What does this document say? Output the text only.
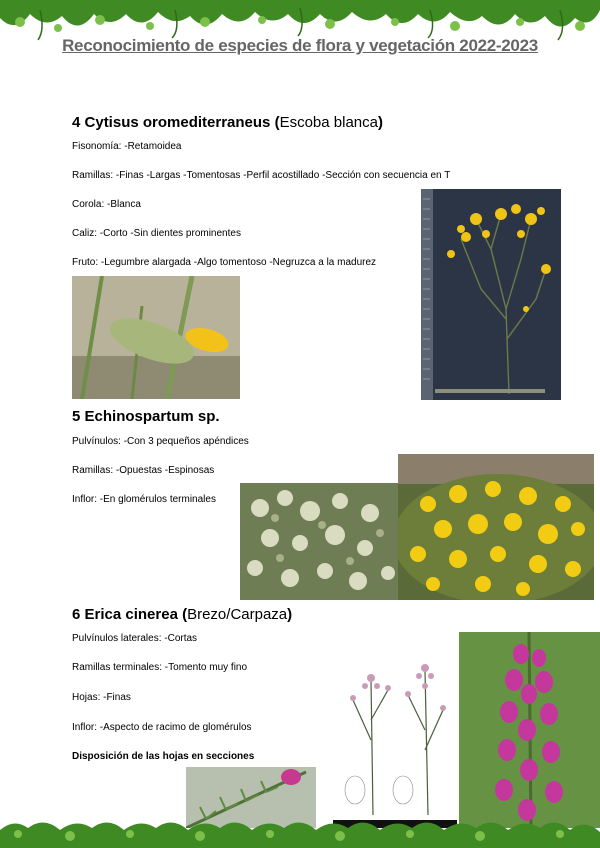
Reconocimiento de especies de flora y vegetación 2022-2023
4 Cytisus oromediterraneus (Escoba blanca)
Fisonomía: -Retamoidea
Ramillas: -Finas -Largas -Tomentosas -Perfil acostillado -Sección con secuencia en T
Corola: -Blanca
Caliz: -Corto -Sin dientes prominentes
Fruto: -Legumbre alargada -Algo tomentoso -Negruzca a la madurez
5 Echinospartum sp.
Pulvínulos: -Con 3 pequeños apéndices
Ramillas: -Opuestas -Espinosas
Inflor: -En glomérulos terminales
6 Erica cinerea (Brezo/Carpaza)
Pulvínulos laterales: -Cortas
Ramillas terminales: -Tomento muy fino
Hojas: -Finas
Inflor: -Aspecto de racimo de glomérulos
Disposición de las hojas en secciones
